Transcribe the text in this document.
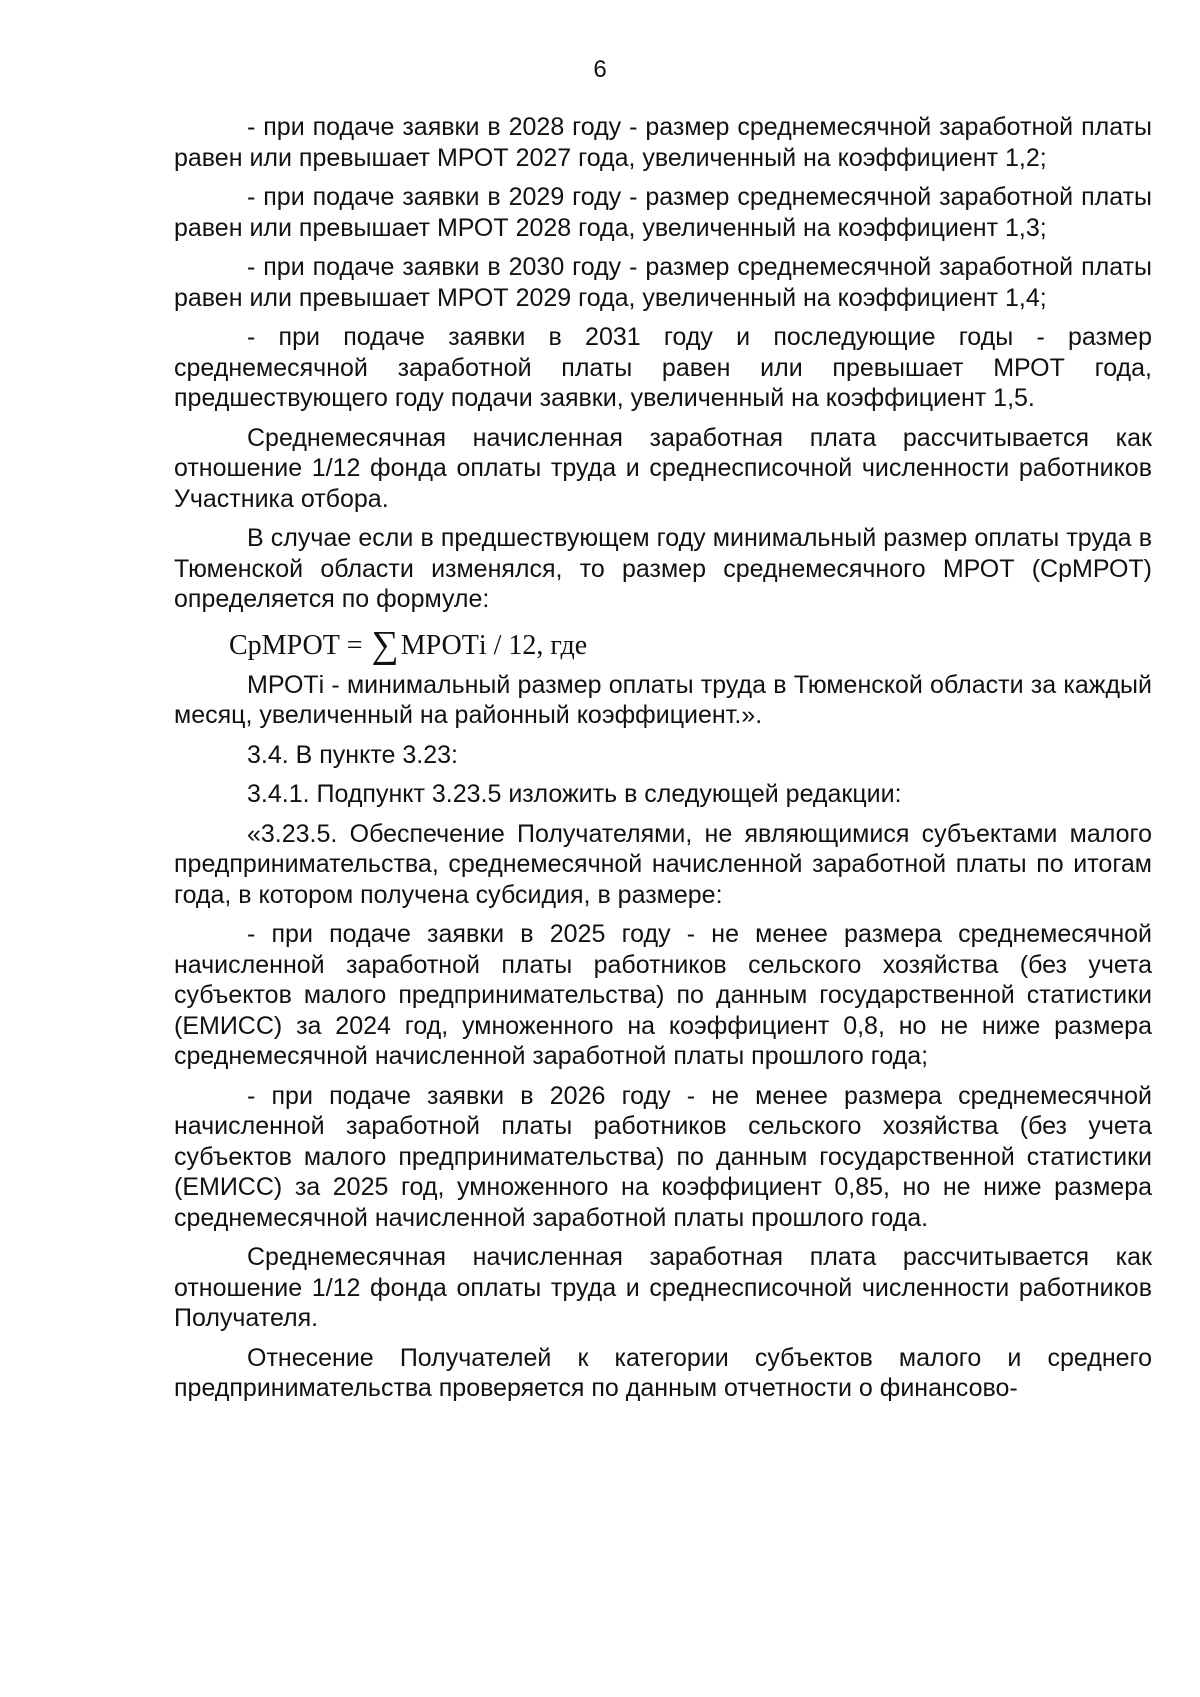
6

- при подаче заявки в 2028 году - размер среднемесячной заработной платы равен или превышает МРОТ 2027 года, увеличенный на коэффициент 1,2;

- при подаче заявки в 2029 году - размер среднемесячной заработной платы равен или превышает МРОТ 2028 года, увеличенный на коэффициент 1,3;

- при подаче заявки в 2030 году - размер среднемесячной заработной платы равен или превышает МРОТ 2029 года, увеличенный на коэффициент 1,4;

- при подаче заявки в 2031 году и последующие годы - размер среднемесячной заработной платы равен или превышает МРОТ года, предшествующего году подачи заявки, увеличенный на коэффициент 1,5.

Среднемесячная начисленная заработная плата рассчитывается как отношение 1/12 фонда оплаты труда и среднесписочной численности работников Участника отбора.

В случае если в предшествующем году минимальный размер оплаты труда в Тюменской области изменялся, то размер среднемесячного МРОТ (СрМРОТ) определяется по формуле:

СрМРОТ = ∑МРОТi / 12, где

МРОТi - минимальный размер оплаты труда в Тюменской области за каждый месяц, увеличенный на районный коэффициент.».

3.4. В пункте 3.23:

3.4.1. Подпункт 3.23.5 изложить в следующей редакции:

«3.23.5. Обеспечение Получателями, не являющимися субъектами малого предпринимательства, среднемесячной начисленной заработной платы по итогам года, в котором получена субсидия, в размере:

- при подаче заявки в 2025 году - не менее размера среднемесячной начисленной заработной платы работников сельского хозяйства (без учета субъектов малого предпринимательства) по данным государственной статистики (ЕМИСС) за 2024 год, умноженного на коэффициент 0,8, но не ниже размера среднемесячной начисленной заработной платы прошлого года;

- при подаче заявки в 2026 году - не менее размера среднемесячной начисленной заработной платы работников сельского хозяйства (без учета субъектов малого предпринимательства) по данным государственной статистики (ЕМИСС) за 2025 год, умноженного на коэффициент 0,85, но не ниже размера среднемесячной начисленной заработной платы прошлого года.

Среднемесячная начисленная заработная плата рассчитывается как отношение 1/12 фонда оплаты труда и среднесписочной численности работников Получателя.

Отнесение Получателей к категории субъектов малого и среднего предпринимательства проверяется по данным отчетности о финансово-
